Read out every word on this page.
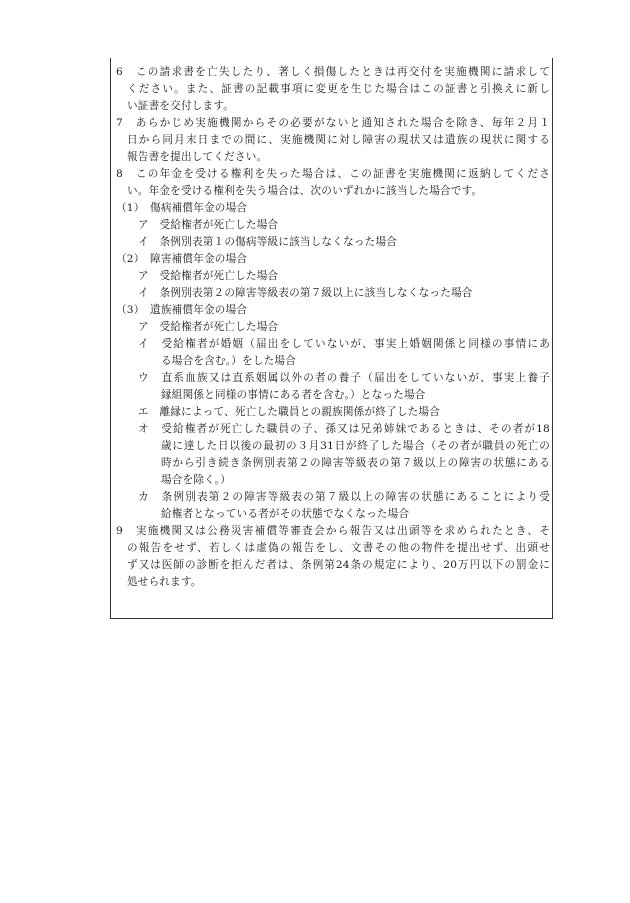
6　この請求書を亡失したり、著しく損傷したときは再交付を実施機関に請求して
ください。また、証書の記載事項に変更を生じた場合はこの証書と引換えに新し
い証書を交付します。
7　あらかじめ実施機関からその必要がないと通知された場合を除き、毎年２月１
日から同月末日までの間に、実施機関に対し障害の現状又は遺族の現状に関する
報告書を提出してください。
8　この年金を受ける権利を失った場合は、この証書を実施機関に返納してくださ
い。年金を受ける権利を失う場合は、次のいずれかに該当した場合です。
（1）　傷病補償年金の場合
ア　受給権者が死亡した場合
イ　条例別表第１の傷病等級に該当しなくなった場合
（2）　障害補償年金の場合
ア　受給権者が死亡した場合
イ　条例別表第２の障害等級表の第７級以上に該当しなくなった場合
（3）　遺族補償年金の場合
ア　受給権者が死亡した場合
イ　受給権者が婚姻（届出をしていないが、事実上婚姻関係と同様の事情にあ
る場合を含む。）をした場合
ウ　直系血族又は直系姻属以外の者の養子（届出をしていないが、事実上養子
縁組関係と同様の事情にある者を含む。）となった場合
エ　離縁によって、死亡した職員との親族関係が終了した場合
オ　受給権者が死亡した職員の子、孫又は兄弟姉妹であるときは、その者が18
歳に達した日以後の最初の３月31日が終了した場合（その者が職員の死亡の
時から引き続き条例別表第２の障害等級表の第７級以上の障害の状態にある
場合を除く。）
カ　条例別表第２の障害等級表の第７級以上の障害の状態にあることにより受
給権者となっている者がその状態でなくなった場合
9　実施機関又は公務災害補償等審査会から報告又は出頭等を求められたとき、そ
の報告をせず、若しくは虚偽の報告をし、文書その他の物件を提出せず、出頭せ
ず又は医師の診断を拒んだ者は、条例第24条の規定により、20万円以下の罰金に
処せられます。
